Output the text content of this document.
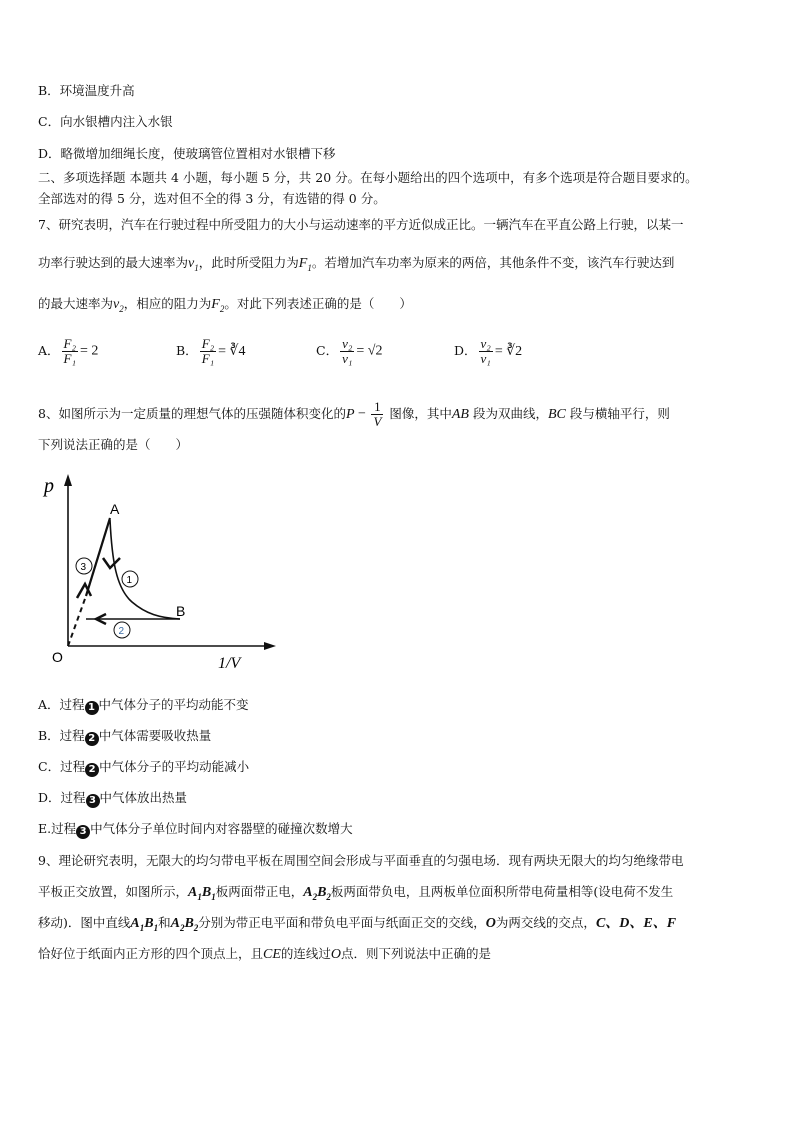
B．环境温度升高
C．向水银槽内注入水银
D．略微增加细绳长度，使玻璃管位置相对水银槽下移
二、多项选择题 本题共 4 小题，每小题 5 分，共 20 分。在每小题给出的四个选项中，有多个选项是符合题目要求的。
全部选对的得 5 分，选对但不全的得 3 分，有选错的得 0 分。
7、研究表明，汽车在行驶过程中所受阻力的大小与运动速率的平方近似成正比。一辆汽车在平直公路上行驶，以某一
功率行驶达到的最大速率为$v_1$，此时所受阻力为$F_1$。若增加汽车功率为原来的两倍，其他条件不变，该汽车行驶达到
的最大速率为$v_2$，相应的阻力为$F_2$。对此下列表述正确的是（　　）
A． $\frac{\text{F₂}}{\text{F₁}} = 2$	B． $\frac{\text{F₂}}{\text{F₁}}$ = ∛4	C． $\frac{\text{v₂}}{\text{v₁}} = √2$	D． $\frac{\text{v₂}}{\text{v₁}}$ = ∛2
8、如图所示为一定质量的理想气体的压强随体积变化的$P - \frac{1}{V}$ 图像，其中AB 段为双曲线，BC 段与横轴平行，则
下列说法正确的是（　　）
p
1/V
O
A
B
1
2
3
A．过程 1 中气体分子的平均动能不变
B．过程 2 中气体需要吸收热量
C．过程 2 中气体分子的平均动能减小
D．过程 3 中气体放出热量
E.过程 3 中气体分子单位时间内对容器壁的碰撞次数增大
9、理论研究表明，无限大的均匀带电平板在周围空间会形成与平面垂直的匀强电场．现有两块无限大的均匀绝缘带电
平板正交放置，如图所示，$A_1B_1$板两面带正电，$A_2B_2$板两面带负电，且两板单位面积所带电荷量相等(设电荷不发生
移动)．图中直线$A_1B_1$和$A_2B_2$分别为带正电平面和带负电平面与纸面正交的交线，O为两交线的交点，C、D、E、F
恰好位于纸面内正方形的四个顶点上，且CE的连线过O点．则下列说法中正确的是
